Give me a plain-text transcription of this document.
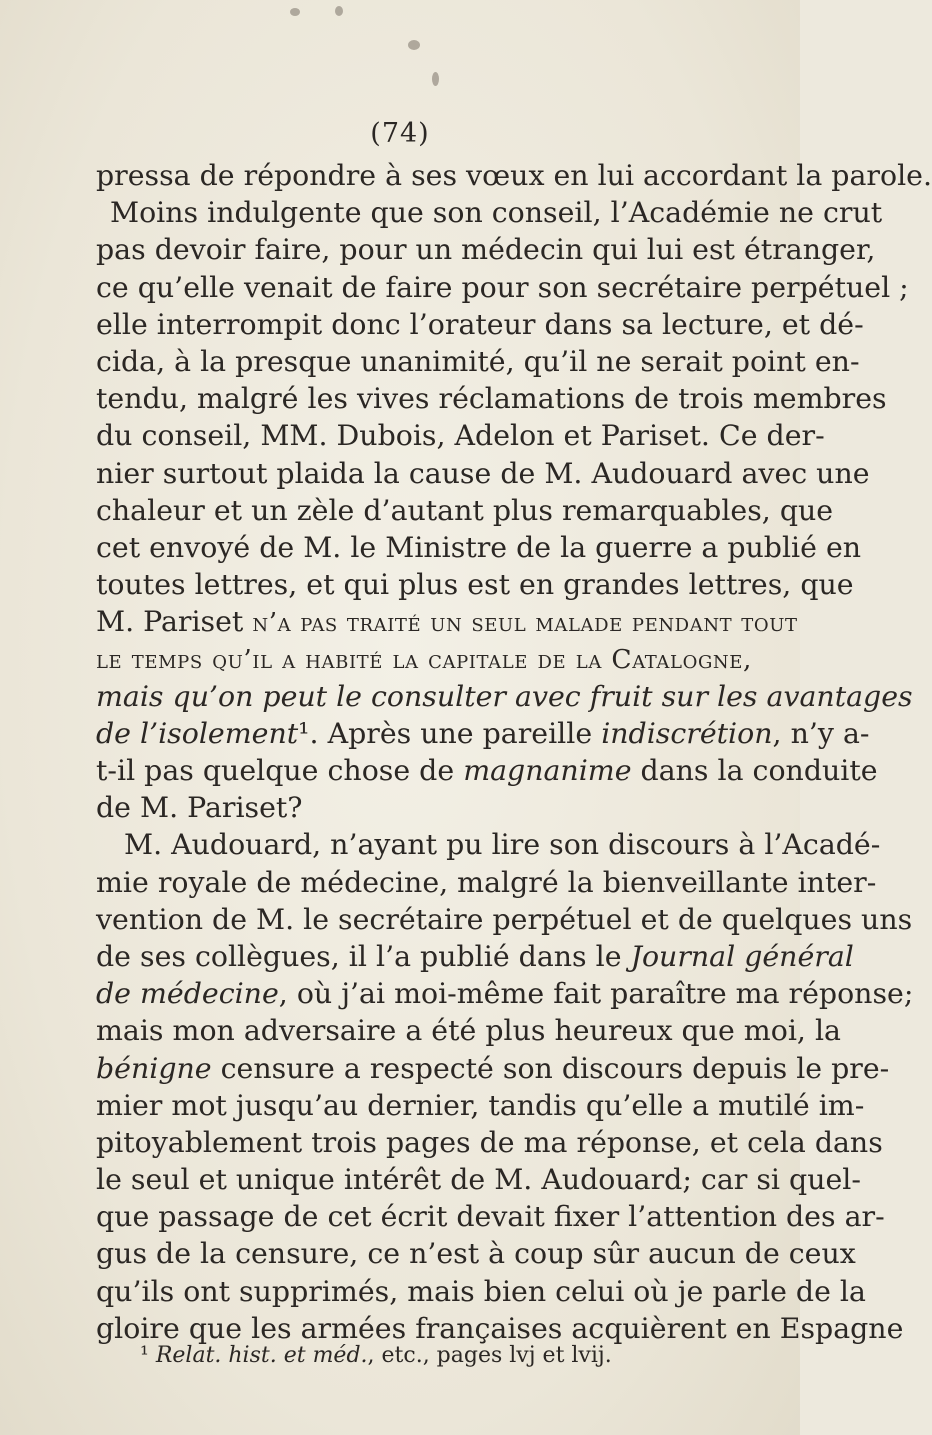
(74)
pressa de répondre à ses vœux en lui accordant la parole.
Moins indulgente que son conseil, l’Académie ne crut
pas devoir faire, pour un médecin qui lui est étranger,
ce qu’elle venait de faire pour son secrétaire perpétuel ;
elle interrompit donc l’orateur dans sa lecture, et dé-
cida, à la presque unanimité, qu’il ne serait point en-
tendu, malgré les vives réclamations de trois membres
du conseil, MM. Dubois, Adelon et Pariset. Ce der-
nier surtout plaida la cause de M. Audouard avec une
chaleur et un zèle d’autant plus remarquables, que
cet envoyé de M. le Ministre de la guerre a publié en
toutes lettres, et qui plus est en grandes lettres, que
M. Pariset n’a pas traité un seul malade pendant tout
le temps qu’il a habité la capitale de la Catalogne,
mais qu’on peut le consulter avec fruit sur les avantages
de l’isolement¹. Après une pareille indiscrétion, n’y a-
t-il pas quelque chose de magnanime dans la conduite
de M. Pariset?
M. Audouard, n’ayant pu lire son discours à l’Acadé-
mie royale de médecine, malgré la bienveillante inter-
vention de M. le secrétaire perpétuel et de quelques uns
de ses collègues, il l’a publié dans le Journal général
de médecine, où j’ai moi-même fait paraître ma réponse;
mais mon adversaire a été plus heureux que moi, la
bénigne censure a respecté son discours depuis le pre-
mier mot jusqu’au dernier, tandis qu’elle a mutilé im-
pitoyablement trois pages de ma réponse, et cela dans
le seul et unique intérêt de M. Audouard; car si quel-
que passage de cet écrit devait fixer l’attention des ar-
gus de la censure, ce n’est à coup sûr aucun de ceux
qu’ils ont supprimés, mais bien celui où je parle de la
gloire que les armées françaises acquièrent en Espagne
¹ Relat. hist. et méd., etc., pages lvj et lvij.
